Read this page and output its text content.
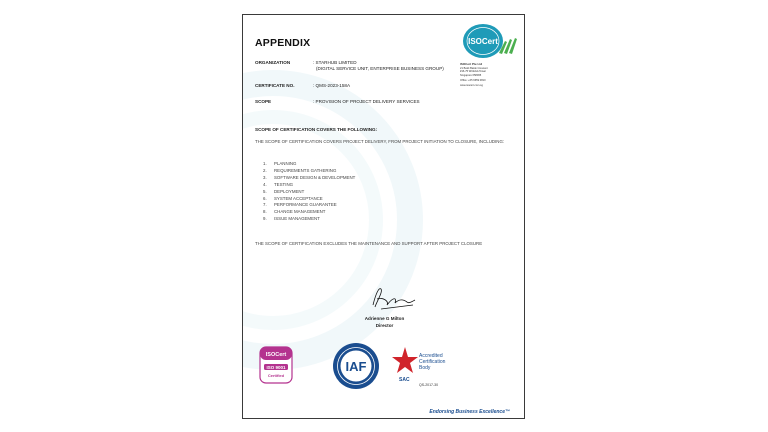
APPENDIX	ISOCert
ISOCert Pte Ltd
21 Bukit Batok Crescent
#16-75 WCEGA Tower
Singapore 658065
Office: +65 6659 0810
www.isocert.com.sg
ORGANIZATION	: STARHUB LIMITED
(DIGITAL SERVICE UNIT, ENTERPRISE BUSINESS GROUP)
CERTIFICATE NO.	: QMS-2023-158A
SCOPE	: PROVISION OF PROJECT DELIVERY SERVICES
SCOPE OF CERTIFICATION COVERS THE FOLLOWING:
THE SCOPE OF CERTIFICATION COVERS PROJECT DELIVERY, FROM PROJECT INITIATION TO CLOSURE, INCLUDING:
1. PLANNING
2. REQUIREMENTS GATHERING
3. SOFTWARE DESIGN & DEVELOPMENT
4. TESTING
5. DEPLOYMENT
6. SYSTEM ACCEPTANCE
7. PERFORMANCE GUARANTEE
8. CHANGE MANAGEMENT
9. ISSUE MANAGEMENT
THE SCOPE OF CERTIFICATION EXCLUDES THE MAINTENANCE AND SUPPORT AFTER PROJECT CLOSURE
Adrienne G Milton
Director
ISOCert
ISO 9001
Certified
IAF
SAC
Accredited
Certification
Body
QS-2017-30
Endorsing Business Excellence™
